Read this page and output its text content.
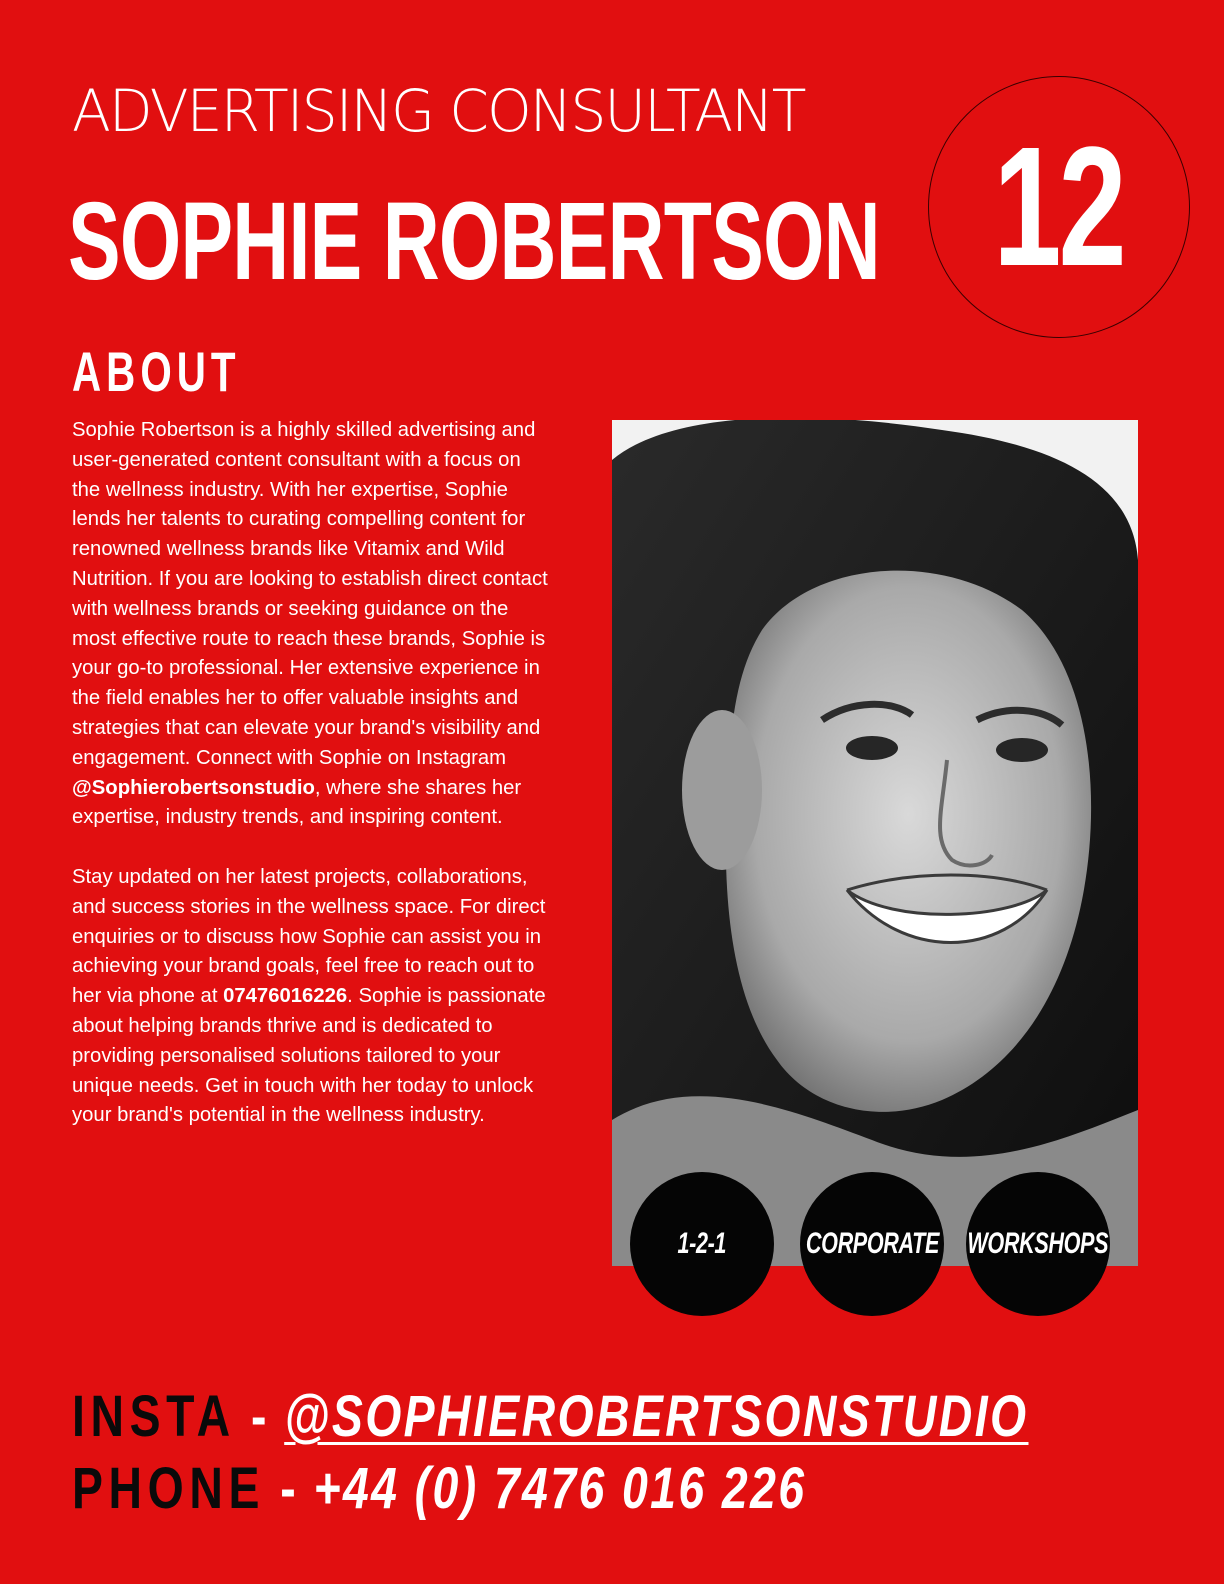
ADVERTISING CONSULTANT
SOPHIE ROBERTSON 12
ABOUT

Sophie Robertson is a highly skilled advertising and user-generated content consultant with a focus on the wellness industry. With her expertise, Sophie lends her talents to curating compelling content for renowned wellness brands like Vitamix and Wild Nutrition. If you are looking to establish direct contact with wellness brands or seeking guidance on the most effective route to reach these brands, Sophie is your go-to professional. Her extensive experience in the field enables her to offer valuable insights and strategies that can elevate your brand's visibility and engagement. Connect with Sophie on Instagram @Sophierobertsonstudio, where she shares her expertise, industry trends, and inspiring content.

Stay updated on her latest projects, collaborations, and success stories in the wellness space. For direct enquiries or to discuss how Sophie can assist you in achieving your brand goals, feel free to reach out to her via phone at 07476016226. Sophie is passionate about helping brands thrive and is dedicated to providing personalised solutions tailored to your unique needs. Get in touch with her today to unlock your brand's potential in the wellness industry.

1-2-1	CORPORATE WORKSHOPS
INSTA - @SOPHIEROBERTSONSTUDIO
PHONE - +44 (0) 7476 016 226
